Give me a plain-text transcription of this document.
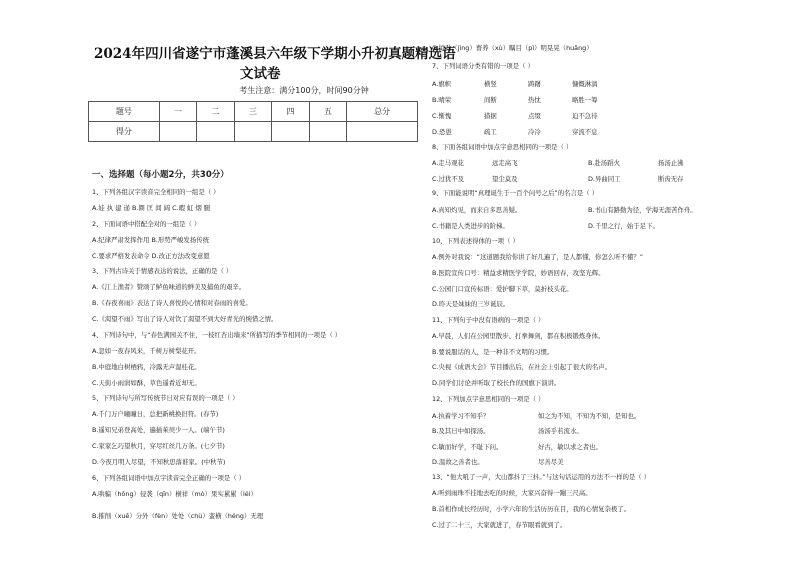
2024年四川省遂宁市蓬溪县六年级下学期小升初真题精选语
文试卷
考生注意：满分100分，时间90分钟
题号	一	二	三	四	五	总分
得分						
一、选择题（每小题2分，共30分）
1、下列各组汉字读音完全相同的一组是（ ）
A.娃 执 建 递 B.圈 匡 闾 阔 C.暇 虹 烟 腿
2、下面词语中搭配全对的一组是（ ）
A.纪律严肃发挥作用 B.形势严峻发扬传统
C.要求严格发表命令 D.改正方法改变意愿
3、下列古诗关于情感表达的说法，正确的是（ ）
A.《江上渔者》赞颂了鲈鱼味道的鲜美及捕鱼的艰辛。
B.《春夜喜雨》表达了诗人喜悦的心情和对春雨的喜爱。
C.《渴望不雨》写出了诗人对饮了渴望不到大好青光的惋惜之情。
4、下列诗句中，与“春色满园关不住，一枝红杏出墙来”所描写的季节相同的一项是（ ）
A.忽如一夜春风来，千树万树梨花开。
B.中庭地白树栖鸦，冷露无声湿桂花。
C.天街小雨润如酥，草色遥看近却无。
5、下列诗句与所写传统节日对应有误的一项是（ ）
A.千门万户曈曈日，总把新桃换旧符。(春节)
B.遥知兄弟登高处，遍插茱萸少一人。(端午节)
C.家家乞巧望秋月，穿尽红丝几万条。(七夕节)
D.今夜月明人尽望，不知秋思落谁家。(中秋节)
6、下列各组词语中加点字读音完全正确的一项是（ ）
A.哄骗（hǒng）侵袭（qīn）横祥（mò）果实累累（léi）
B.摧削（xuē）分外（fèn）处处（chù）蛮横（héng）无理
C.拟劲（jìng）畜养（xù）瞩目（pì）明晃晃（huǎng）
7、下列词语分类有错的一项是（ ）
A.旗帜	横竖	踌躇	慷慨淋漓
B.晴荣	间断	热忱	略胜一筹
C.惭愧	措据	点缀	迫不急待
D.恐愚	疏工	冷冷	穿流不息
8、下面各组词语中加点字意思相同的一项是（ ）
A.走马观花	远走高飞	B.赴汤蹈火	扬汤止沸
C.过犹不及	望尘莫及	D.异曲同工	断齿无存
9、下面能说明“真理诞生于一百个问号之后”的名言是（ ）
A.真知灼见，而来自多思善疑。	B.书山有路勤为径，学海无涯苦作舟。
C.书籍是人类进步的阶梯。	D.千里之行，始于足下。
10、下列表述得体的一项（ ）
A.例外对我说：“这道题我给你讲了好几遍了，是人都懂，你怎么听不懂？”
B.医院宣传口号：精益求精医学学院，妙语回春，攻坚光辉。
C.公园门口宣传标语：爱护脚下草，莫折枝头花。
D.昨天是妹妹的三岁诞辰。
11、下列句子中没有语病的一项是（ ）
A.早晨，人们在公园里散步、打拳舞剑，都在积极锻炼身体。
B.要说服话的人，是一种非不文明的习惯。
C.央视《成语大会》节目播出后，在社会上引起了很大的名声。
D.同学们讨论并听取了校长作的国旗下演讲。
12、下列加点字意思相同的一项是（ ）
A.执着学习不知乎？	如之为不知，不知为不知，是知也。
B.及其日中如探汤。	汤汤乎若流水。
C.敏而好学，不耻下问。	好古，敏以求之者也。
D.温故之善者也。	尽善尽美
13、“他大吼了一声，大山都抖了三抖。”与这句话运用的方法不一样的是（ ）
A.听到雨珠不挂地去吃的时候，大家兴奋得一蹦三尺高。
B.首相作成长经历时，小学六年的生活历历在目，我的心情复杂极了。
C.过了二十三，大家就进了，春节眼看就到了。
